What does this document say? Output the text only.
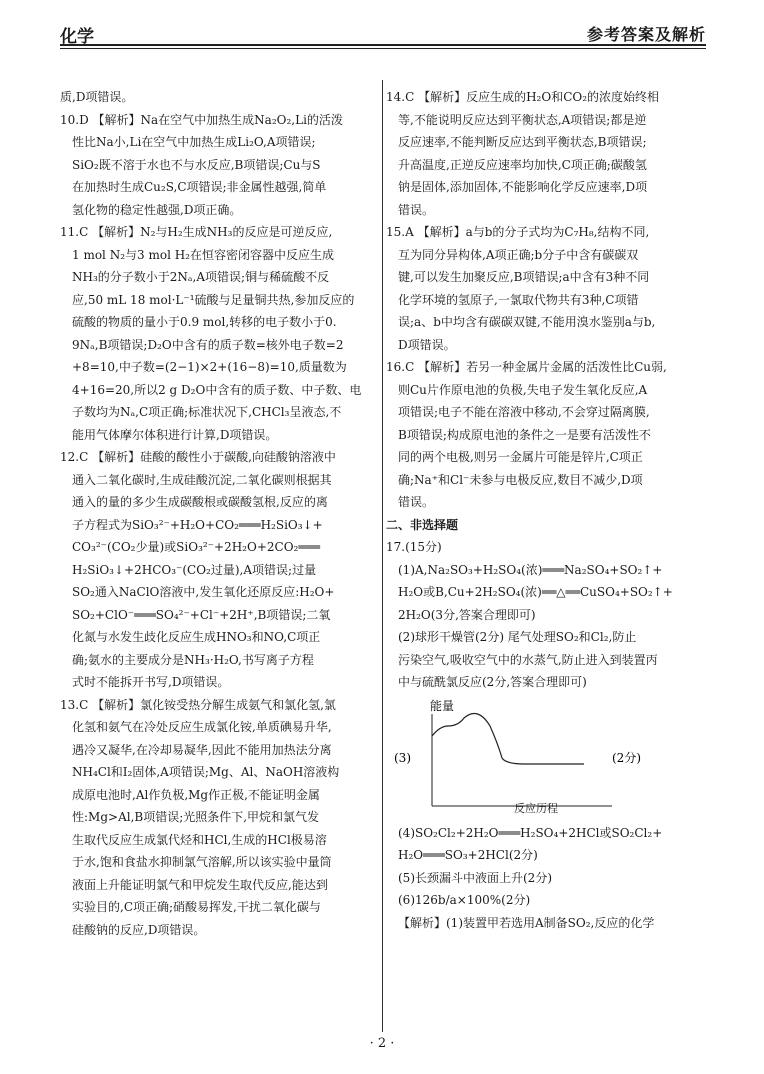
化学	参考答案及解析
质,D项错误。
10.D 【解析】Na在空气中加热生成Na₂O₂,Li的活泼
性比Na小,Li在空气中加热生成Li₂O,A项错误;
SiO₂既不溶于水也不与水反应,B项错误;Cu与S
在加热时生成Cu₂S,C项错误;非金属性越强,简单
氢化物的稳定性越强,D项正确。
11.C 【解析】N₂与H₂生成NH₃的反应是可逆反应,
1 mol N₂与3 mol H₂在恒容密闭容器中反应生成
NH₃的分子数小于2Nₐ,A项错误;铜与稀硫酸不反
应,50 mL 18 mol·L⁻¹硫酸与足量铜共热,参加反应的
硫酸的物质的量小于0.9 mol,转移的电子数小于0.
9Nₐ,B项错误;D₂O中含有的质子数=核外电子数=2
+8=10,中子数=(2−1)×2+(16−8)=10,质量数为
4+16=20,所以2 g D₂O中含有的质子数、中子数、电
子数均为Nₐ,C项正确;标准状况下,CHCl₃呈液态,不
能用气体摩尔体积进行计算,D项错误。
12.C 【解析】硅酸的酸性小于碳酸,向硅酸钠溶液中
通入二氧化碳时,生成硅酸沉淀,二氧化碳则根据其
通入的量的多少生成碳酸根或碳酸氢根,反应的离
子方程式为SiO₃²⁻+H₂O+CO₂═══H₂SiO₃↓+
CO₃²⁻(CO₂少量)或SiO₃²⁻+2H₂O+2CO₂═══
H₂SiO₃↓+2HCO₃⁻(CO₂过量),A项错误;过量
SO₂通入NaClO溶液中,发生氧化还原反应:H₂O+
SO₂+ClO⁻═══SO₄²⁻+Cl⁻+2H⁺,B项错误;二氧
化氮与水发生歧化反应生成HNO₃和NO,C项正
确;氨水的主要成分是NH₃·H₂O,书写离子方程
式时不能拆开书写,D项错误。
13.C 【解析】氯化铵受热分解生成氨气和氯化氢,氯
化氢和氨气在冷处反应生成氯化铵,单质碘易升华,
遇冷又凝华,在冷却易凝华,因此不能用加热法分离
NH₄Cl和I₂固体,A项错误;Mg、Al、NaOH溶液构
成原电池时,Al作负极,Mg作正极,不能证明金属
性:Mg>Al,B项错误;光照条件下,甲烷和氯气发
生取代反应生成氯代烃和HCl,生成的HCl极易溶
于水,饱和食盐水抑制氯气溶解,所以该实验中量筒
液面上升能证明氯气和甲烷发生取代反应,能达到
实验目的,C项正确;硝酸易挥发,干扰二氧化碳与
硅酸钠的反应,D项错误。
14.C 【解析】反应生成的H₂O和CO₂的浓度始终相
等,不能说明反应达到平衡状态,A项错误;都是逆
反应速率,不能判断反应达到平衡状态,B项错误;
升高温度,正逆反应速率均加快,C项正确;碳酸氢
钠是固体,添加固体,不能影响化学反应速率,D项
错误。
15.A 【解析】a与b的分子式均为C₇H₈,结构不同,
互为同分异构体,A项正确;b分子中含有碳碳双
键,可以发生加聚反应,B项错误;a中含有3种不同
化学环境的氢原子,一氯取代物共有3种,C项错
误;a、b中均含有碳碳双键,不能用溴水鉴别a与b,
D项错误。
16.C 【解析】若另一种金属片金属的活泼性比Cu弱,
则Cu片作原电池的负极,失电子发生氧化反应,A
项错误;电子不能在溶液中移动,不会穿过隔离膜,
B项错误;构成原电池的条件之一是要有活泼性不
同的两个电极,则另一金属片可能是锌片,C项正
确;Na⁺和Cl⁻未参与电极反应,数目不减少,D项
错误。
二、非选择题
17.(15分)
(1)A,Na₂SO₃+H₂SO₄(浓)═══Na₂SO₄+SO₂↑+
H₂O或B,Cu+2H₂SO₄(浓)══△══CuSO₄+SO₂↑+
2H₂O(3分,答案合理即可)
(2)球形干燥管(2分) 尾气处理SO₂和Cl₂,防止
污染空气,吸收空气中的水蒸气,防止进入到装置丙
中与硫酰氯反应(2分,答案合理即可)
能量
(3)	(2分)
反应历程
(4)SO₂Cl₂+2H₂O═══H₂SO₄+2HCl或SO₂Cl₂+
H₂O═══SO₃+2HCl(2分)
(5)长颈漏斗中液面上升(2分)
(6)126b/a×100%(2分)
【解析】(1)装置甲若选用A制备SO₂,反应的化学
· 2 ·
